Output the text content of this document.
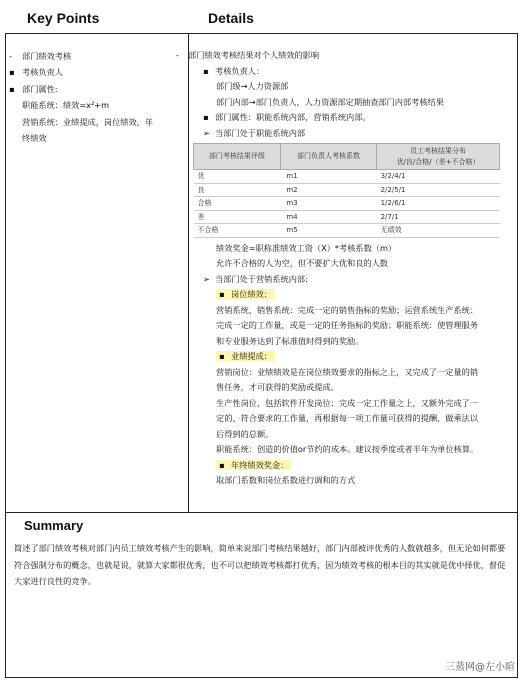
Key Points	Details
-	部门绩效考核
▪ 考核负责人
▪ 部门属性:
职能系统：绩效=x²+m
营销系统：业绩提成，岗位绩效，年
终绩效
- 部门绩效考核结果对个人绩效的影响
▪ 考核负责人：
部门级→人力资源部
部门内部→部门负责人，人力资源部定期抽查部门内部考核结果
▪ 部门属性：职能系统内部，营销系统内部。
➢ 当部门处于职能系统内部
部门考核结果评级	部门负责人考核系数	员工考核结果分布
优/良/合格/（差+不合格）
优	m1	3/2/4/1
良	m2	2/2/5/1
合格	m3	1/2/6/1
差	m4	2/7/1
不合格	m5	无绩效
绩效奖金=职称准绩效工资（X）*考核系数（m）
允许不合格的人为空，但不要扩大优和良的人数
➢ 当部门处于营销系统内部:
▪ 岗位绩效：
营销系统、销售系统：完成一定的销售指标的奖励；运营系统生产系统：
完成一定的工作量，或是一定的任务指标的奖励；职能系统：使管理服务
和专业服务达到了标准值时得到的奖励。
▪ 业绩提成：
营销岗位：业绩绩效是在岗位绩效要求的指标之上，又完成了一定量的销
售任务，才可获得的奖励或提成。
生产性岗位，包括软件开发岗位：完成一定工作量之上，又额外完成了一
定的、符合要求的工作量，再根据每一项工作量可获得的提酬，做乘法以
后得到的总额。
职能系统：创造的价值or节约的成本。建议按季度或者半年为单位核算。
▪ 年终绩效奖金：
取部门系数和岗位系数进行调和的方式
Summary
简述了部门绩效考核对部门内员工绩效考核产生的影响，简单来说部门考核结果越好，部门内部被评优秀的人数就越多，但无论如何都要符合强制分布的概念，也就是说，就算大家都很优秀，也不可以把绩效考核都打优秀，因为绩效考核的根本目的其实就是优中择优，督促大家进行良性的竞争。
三蒸网@左小暄
